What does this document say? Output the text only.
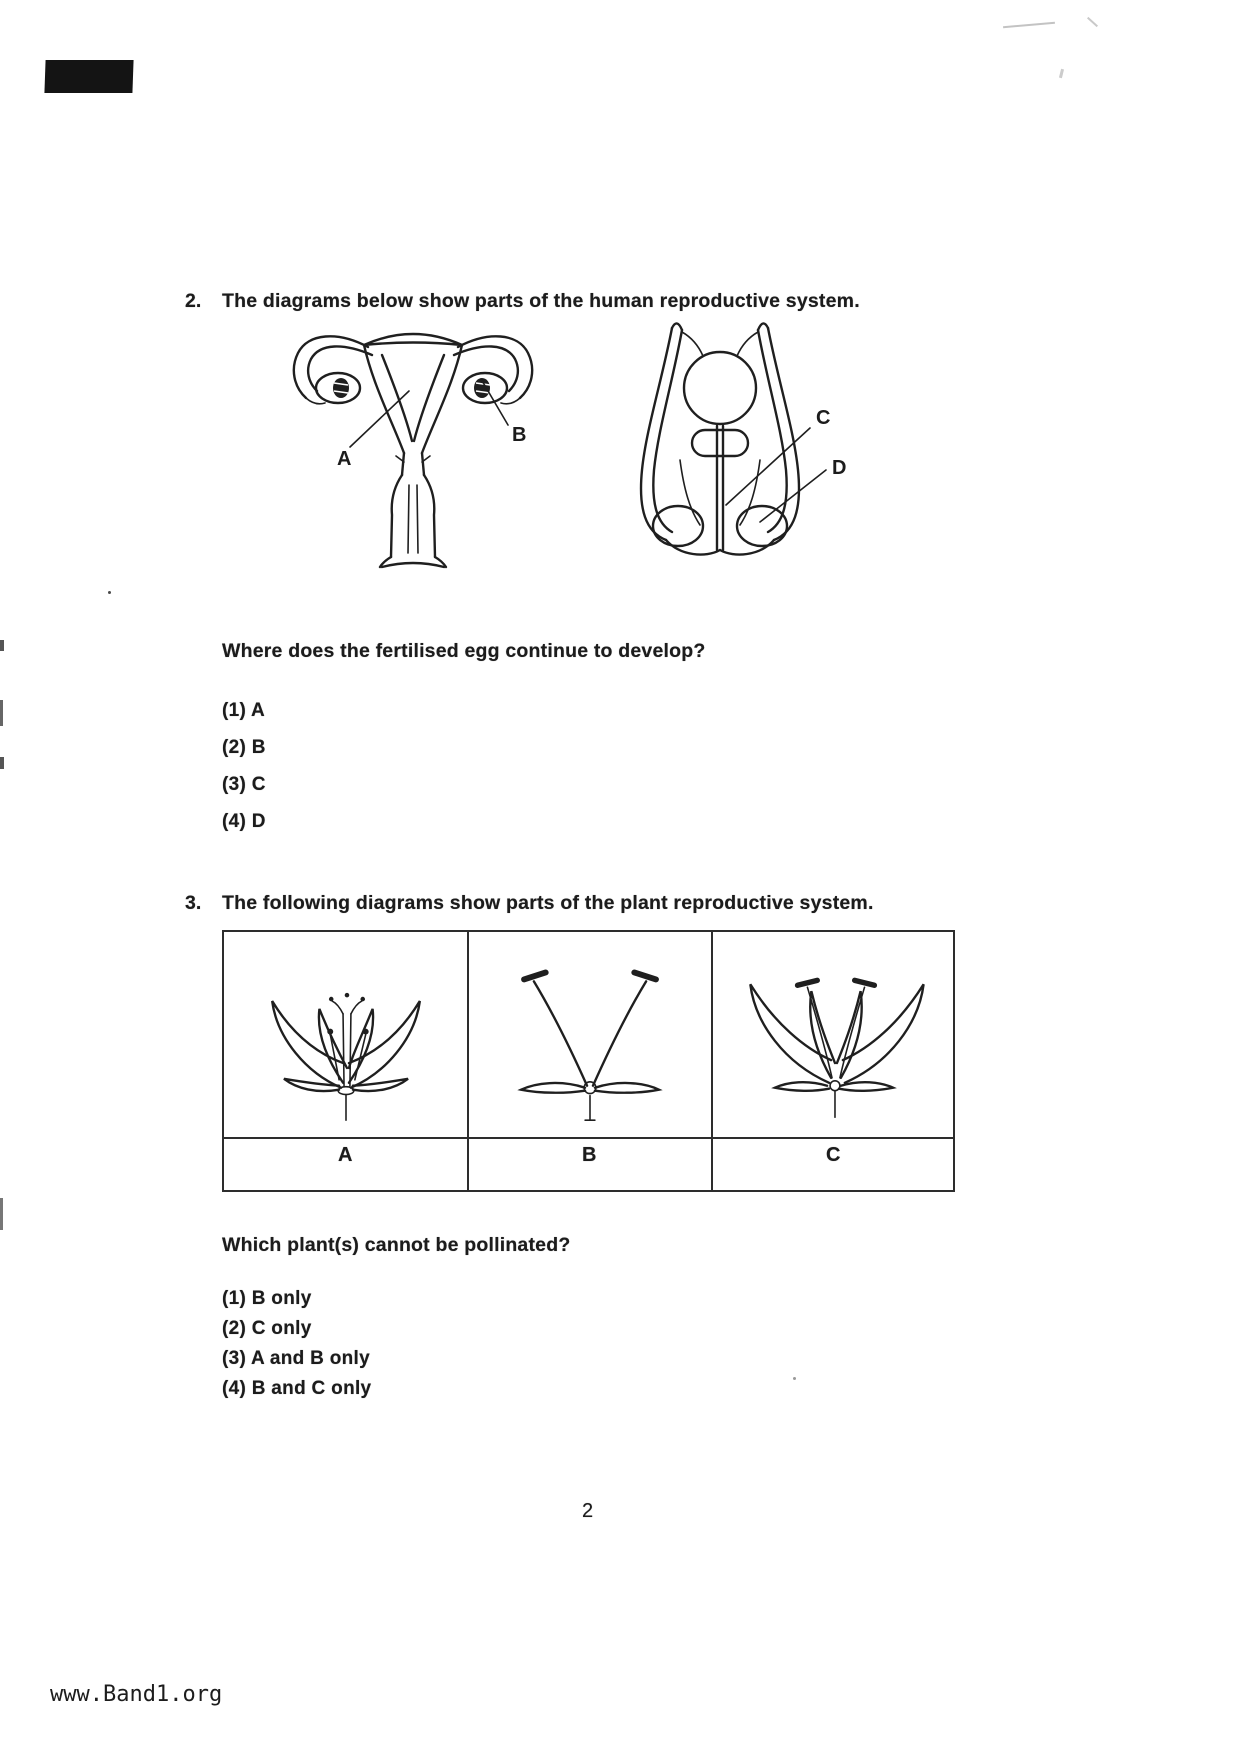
2.	The diagrams below show parts of the human reproductive system.
A
B
C
D
Where does the fertilised egg continue to develop?
(1) A
(2) B
(3) C
(4) D
3.	The following diagrams show parts of the plant reproductive system.
A	B	C
Which plant(s) cannot be pollinated?
(1) B only
(2) C only
(3) A and B only
(4) B and C only
2
www.Band1.org
